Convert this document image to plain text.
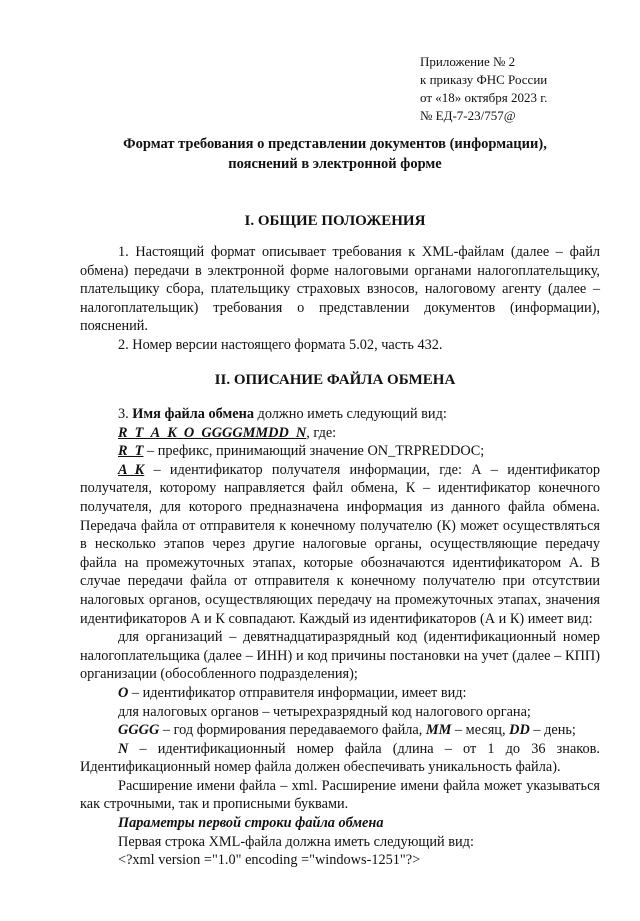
Приложение № 2
к приказу ФНС России
от «18» октября 2023 г.
№ ЕД-7-23/757@
Формат требования о представлении документов (информации),
пояснений в электронной форме
I. ОБЩИЕ ПОЛОЖЕНИЯ

1. Настоящий формат описывает требования к XML-файлам (далее – файл обмена) передачи в электронной форме налоговыми органами налогоплательщику, плательщику сбора, плательщику страховых взносов, налоговому агенту (далее – налогоплательщик) требования о представлении документов (информации), пояснений.

2. Номер версии настоящего формата 5.02, часть 432.

II. ОПИСАНИЕ ФАЙЛА ОБМЕНА

3. Имя файла обмена должно иметь следующий вид:

R_T_A_K_O_GGGGMMDD_N, где:

R_T – префикс, принимающий значение ON_TRPREDDOC;

A_K – идентификатор получателя информации, где: А – идентификатор получателя, которому направляется файл обмена, К – идентификатор конечного получателя, для которого предназначена информация из данного файла обмена. Передача файла от отправителя к конечному получателю (К) может осуществляться в несколько этапов через другие налоговые органы, осуществляющие передачу файла на промежуточных этапах, которые обозначаются идентификатором А. В случае передачи файла от отправителя к конечному получателю при отсутствии налоговых органов, осуществляющих передачу на промежуточных этапах, значения идентификаторов А и К совпадают. Каждый из идентификаторов (А и К) имеет вид:

для организаций – девятнадцатиразрядный код (идентификационный номер налогоплательщика (далее – ИНН) и код причины постановки на учет (далее – КПП) организации (обособленного подразделения);

O – идентификатор отправителя информации, имеет вид:

для налоговых органов – четырехразрядный код налогового органа;

GGGG – год формирования передаваемого файла, MM – месяц, DD – день;

N – идентификационный номер файла (длина – от 1 до 36 знаков. Идентификационный номер файла должен обеспечивать уникальность файла).

Расширение имени файла – xml. Расширение имени файла может указываться как строчными, так и прописными буквами.

Параметры первой строки файла обмена

Первая строка XML-файла должна иметь следующий вид:

<?xml version ="1.0" encoding ="windows-1251"?>
